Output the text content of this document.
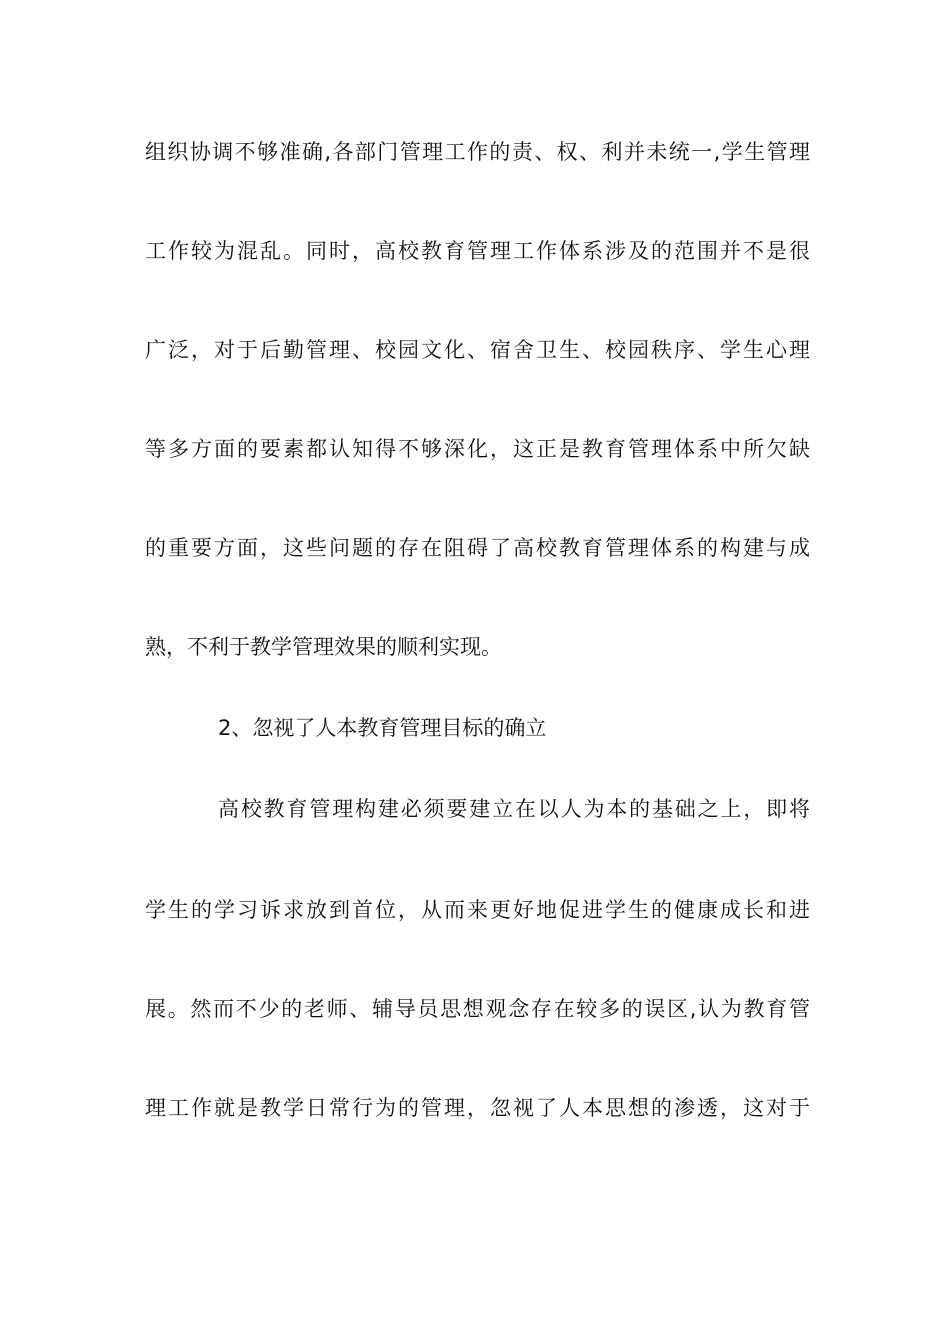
组织协调不够准确,各部门管理工作的责、权、利并未统一,学生管理
工作较为混乱。同时，高校教育管理工作体系涉及的范围并不是很
广泛，对于后勤管理、校园文化、宿舍卫生、校园秩序、学生心理
等多方面的要素都认知得不够深化，这正是教育管理体系中所欠缺
的重要方面，这些问题的存在阻碍了高校教育管理体系的构建与成
熟，不利于教学管理效果的顺利实现。
2、忽视了人本教育管理目标的确立
高校教育管理构建必须要建立在以人为本的基础之上，即将
学生的学习诉求放到首位，从而来更好地促进学生的健康成长和进
展。然而不少的老师、辅导员思想观念存在较多的误区,认为教育管
理工作就是教学日常行为的管理，忽视了人本思想的渗透，这对于
